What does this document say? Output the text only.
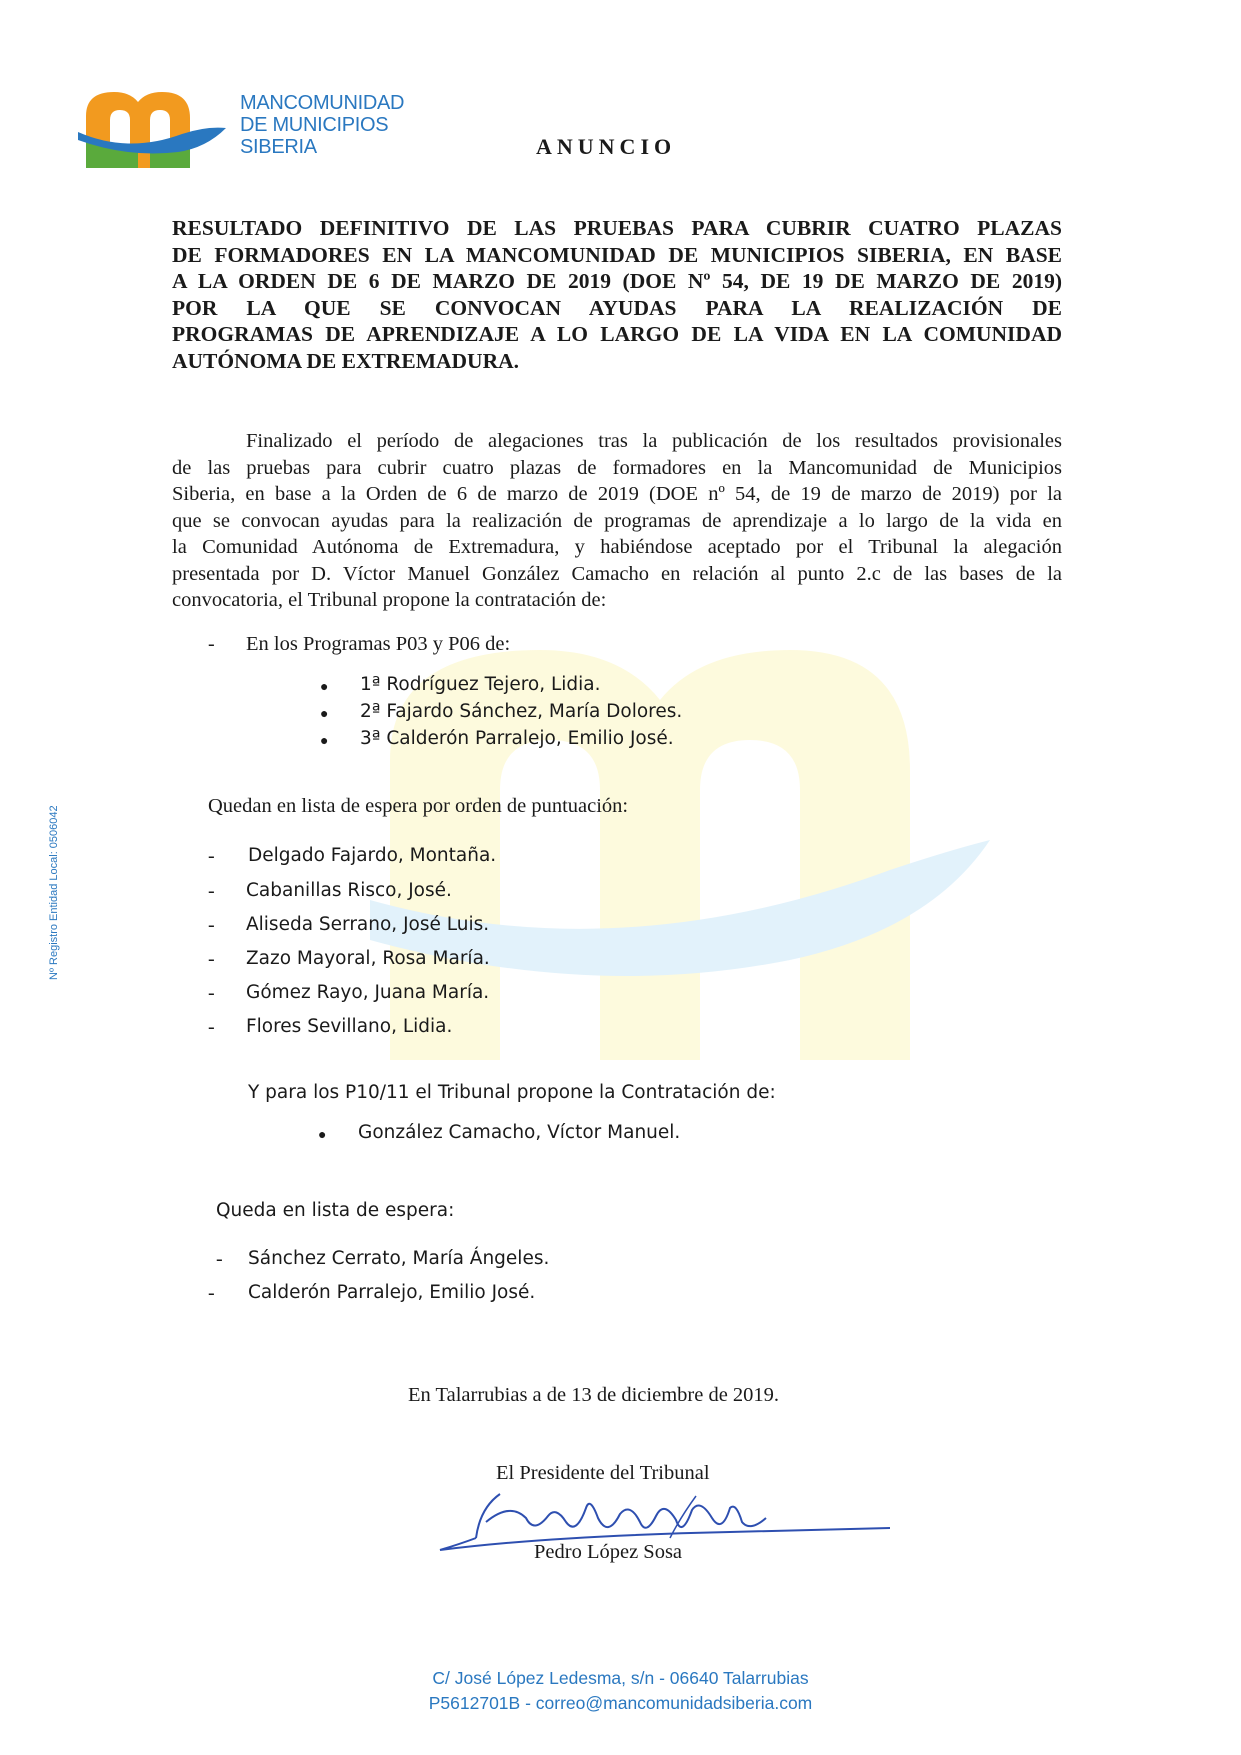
MANCOMUNIDAD
DE MUNICIPIOS
SIBERIA	ANUNCIO
RESULTADO DEFINITIVO DE LAS PRUEBAS PARA CUBRIR CUATRO PLAZAS
DE FORMADORES EN LA MANCOMUNIDAD DE MUNICIPIOS SIBERIA, EN BASE
A LA ORDEN DE 6 DE MARZO DE 2019 (DOE Nº 54, DE 19 DE MARZO DE 2019)
POR LA QUE SE CONVOCAN AYUDAS PARA LA REALIZACIÓN DE
PROGRAMAS DE APRENDIZAJE A LO LARGO DE LA VIDA EN LA COMUNIDAD
AUTÓNOMA DE EXTREMADURA.
Finalizado el período de alegaciones tras la publicación de los resultados provisionales
de las pruebas para cubrir cuatro plazas de formadores en la Mancomunidad de Municipios
Siberia, en base a la Orden de 6 de marzo de 2019 (DOE nº 54, de 19 de marzo de 2019) por la
que se convocan ayudas para la realización de programas de aprendizaje a lo largo de la vida en
la Comunidad Autónoma de Extremadura, y habiéndose aceptado por el Tribunal la alegación
presentada por D. Víctor Manuel González Camacho en relación al punto 2.c de las bases de la
convocatoria, el Tribunal propone la contratación de:
- En los Programas P03 y P06 de:
● 1ª Rodríguez Tejero, Lidia.
● 2ª Fajardo Sánchez, María Dolores.
● 3ª Calderón Parralejo, Emilio José.
Quedan en lista de espera por orden de puntuación:
- Delgado Fajardo, Montaña.
- Cabanillas Risco, José.
- Aliseda Serrano, José Luis.
- Zazo Mayoral, Rosa María.
- Gómez Rayo, Juana María.
- Flores Sevillano, Lidia.
Y para los P10/11 el Tribunal propone la Contratación de:
● González Camacho, Víctor Manuel.
Queda en lista de espera:
- Sánchez Cerrato, María Ángeles.
- Calderón Parralejo, Emilio José.
En Talarrubias a de 13 de diciembre de 2019.
El Presidente del Tribunal
Pedro López Sosa
Nº Registro Entidad Local: 0506042
C/ José López Ledesma, s/n - 06640 Talarrubias
P5612701B - correo@mancomunidadsiberia.com
